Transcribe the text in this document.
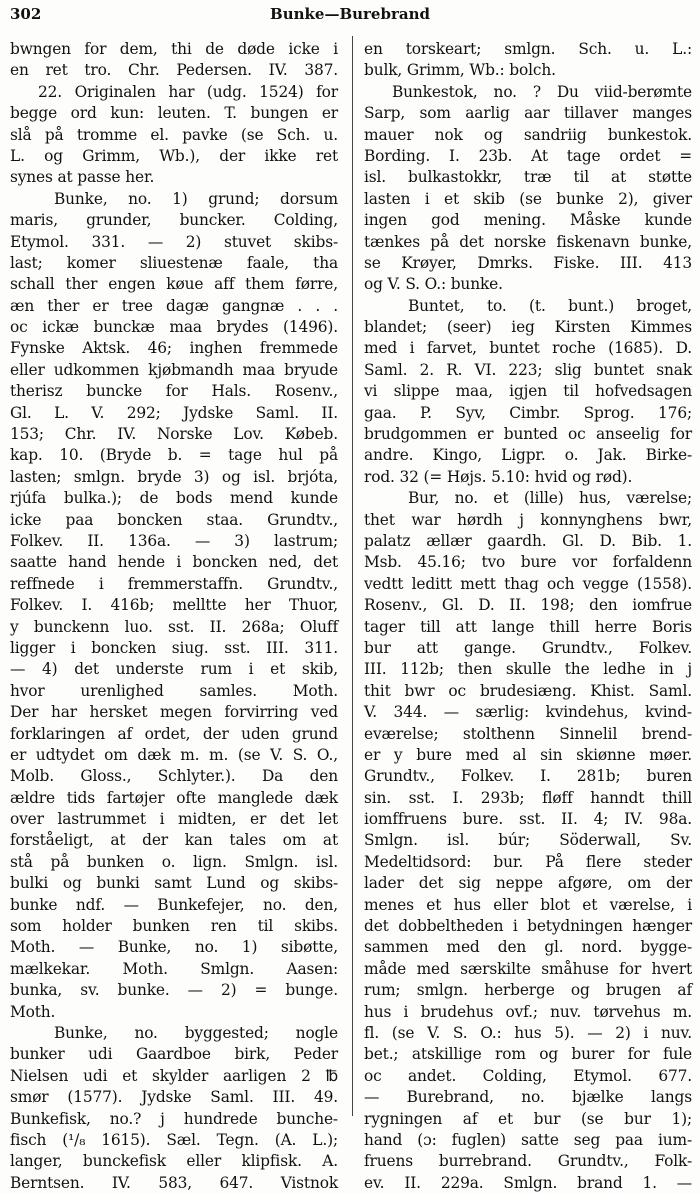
302	Bunke—Burebrand
bwngen for dem, thi de døde icke i
en ret tro. Chr. Pedersen. IV. 387.
22. Originalen har (udg. 1524) for
begge ord kun: leuten. T. bungen er
slå på tromme el. pavke (se Sch. u.
L. og Grimm, Wb.), der ikke ret
synes at passe her.
Bunke, no. 1) grund; dorsum
maris, grunder, buncker. Colding,
Etymol. 331. — 2) stuvet skibs-
last; komer sliuestenæ faale, tha
schall ther engen køue aff them førre,
æn ther er tree dagæ gangnæ . . .
oc ickæ bunckæ maa brydes (1496).
Fynske Aktsk. 46; inghen fremmede
eller udkommen kjøbmandh maa bryude
therisz buncke for Hals. Rosenv.,
Gl. L. V. 292; Jydske Saml. II.
153; Chr. IV. Norske Lov. Købeb.
kap. 10. (Bryde b. = tage hul på
lasten; smlgn. bryde 3) og isl. brjóta,
rjúfa bulka.); de bods mend kunde
icke paa boncken staa. Grundtv.,
Folkev. II. 136a. — 3) lastrum;
saatte hand hende i boncken ned, det
reffnede i fremmerstaffn. Grundtv.,
Folkev. I. 416b; melltte her Thuor,
y bunckenn luo. sst. II. 268a; Oluff
ligger i boncken siug. sst. III. 311.
— 4) det underste rum i et skib,
hvor urenlighed samles. Moth.
Der har hersket megen forvirring ved
forklaringen af ordet, der uden grund
er udtydet om dæk m. m. (se V. S. O.,
Molb. Gloss., Schlyter.). Da den
ældre tids fartøjer ofte manglede dæk
over lastrummet i midten, er det let
forståeligt, at der kan tales om at
stå på bunken o. lign. Smlgn. isl.
bulki og bunki samt Lund og skibs-
bunke ndf. — Bunkefejer, no. den,
som holder bunken ren til skibs.
Moth. — Bunke, no. 1) sibøtte,
mælkekar. Moth. Smlgn. Aasen:
bunka, sv. bunke. — 2) = bunge.
Moth.
Bunke, no. byggested; nogle
bunker udi Gaardboe birk, Peder
Nielsen udi et skylder aarligen 2 ℔
smør (1577). Jydske Saml. III. 49.
Bunkefisk, no.? j hundrede bunche-
fisch (¹/₈ 1615). Sæl. Tegn. (A. L.);
langer, bunckefisk eller klipfisk. A.
Berntsen. IV. 583, 647. Vistnok
en torskeart; smlgn. Sch. u. L.:
bulk, Grimm, Wb.: bolch.
Bunkestok, no. ? Du viid-berømte
Sarp, som aarlig aar tillaver manges
mauer nok og sandriig bunkestok.
Bording. I. 23b. At tage ordet =
isl. bulkastokkr, træ til at støtte
lasten i et skib (se bunke 2), giver
ingen god mening. Måske kunde
tænkes på det norske fiskenavn bunke,
se Krøyer, Dmrks. Fiske. III. 413
og V. S. O.: bunke.
Buntet, to. (t. bunt.) broget,
blandet; (seer) ieg Kirsten Kimmes
med i farvet, buntet roche (1685). D.
Saml. 2. R. VI. 223; slig buntet snak
vi slippe maa, igjen til hofvedsagen
gaa. P. Syv, Cimbr. Sprog. 176;
brudgommen er bunted oc anseelig for
andre. Kingo, Ligpr. o. Jak. Birke-
rod. 32 (= Højs. 5.10: hvid og rød).
Bur, no. et (lille) hus, værelse;
thet war hørdh j konnynghens bwr,
palatz ællær gaardh. Gl. D. Bib. 1.
Msb. 45.16; tvo bure vor forfaldenn
vedtt leditt mett thag och vegge (1558).
Rosenv., Gl. D. II. 198; den iomfrue
tager till att lange thill herre Boris
bur att gange. Grundtv., Folkev.
III. 112b; then skulle the ledhe in j
thit bwr oc brudesiæng. Khist. Saml.
V. 344. — særlig: kvindehus, kvind-
eværelse; stolthenn Sinnelil brend-
er y bure med al sin skiønne møer.
Grundtv., Folkev. I. 281b; buren
sin. sst. I. 293b; fløff hanndt thill
iomffruens bure. sst. II. 4; IV. 98a.
Smlgn. isl. búr; Söderwall, Sv.
Medeltidsord: bur. På flere steder
lader det sig neppe afgøre, om der
menes et hus eller blot et værelse, i
det dobbeltheden i betydningen hænger
sammen med den gl. nord. bygge-
måde med særskilte småhuse for hvert
rum; smlgn. herberge og brugen af
hus i brudehus ovf.; nuv. tørvehus m.
fl. (se V. S. O.: hus 5). — 2) i nuv.
bet.; atskillige rom og burer for fule
oc andet. Colding, Etymol. 677.
— Burebrand, no. bjælke langs
rygningen af et bur (se bur 1);
hand (ɔ: fuglen) satte seg paa ium-
fruens burrebrand. Grundtv., Folk-
ev. II. 229a. Smlgn. brand 1. —
